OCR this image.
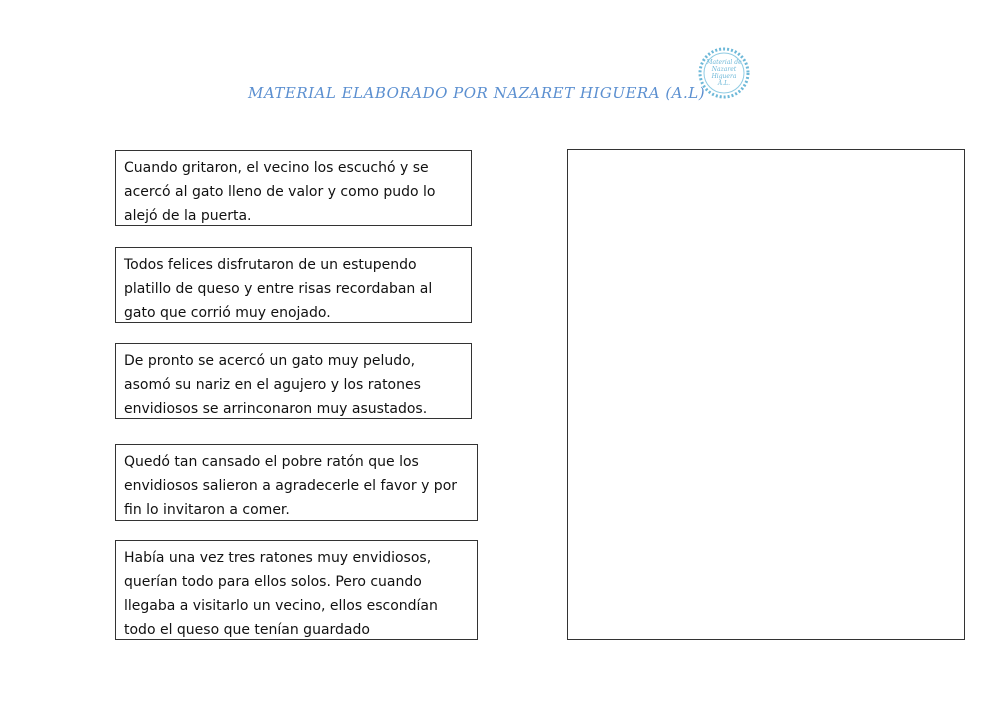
MATERIAL ELABORADO POR NAZARET HIGUERA (A.L)
Material de
Nazaret
Higuera
A.L.
Cuando gritaron, el vecino los escuchó y se acercó al gato lleno de valor y como pudo lo alejó de la puerta.
Todos felices disfrutaron de un estupendo platillo de queso y entre risas recordaban al gato que corrió muy enojado.
De pronto se acercó un gato muy peludo, asomó su nariz en el agujero y los ratones envidiosos se arrinconaron muy asustados.
Quedó tan cansado el pobre ratón que los envidiosos salieron a agradecerle el favor y por fin lo invitaron a comer.
Había una vez tres ratones muy envidiosos, querían todo para ellos solos. Pero cuando llegaba a visitarlo un vecino, ellos escondían todo el queso que tenían guardado
